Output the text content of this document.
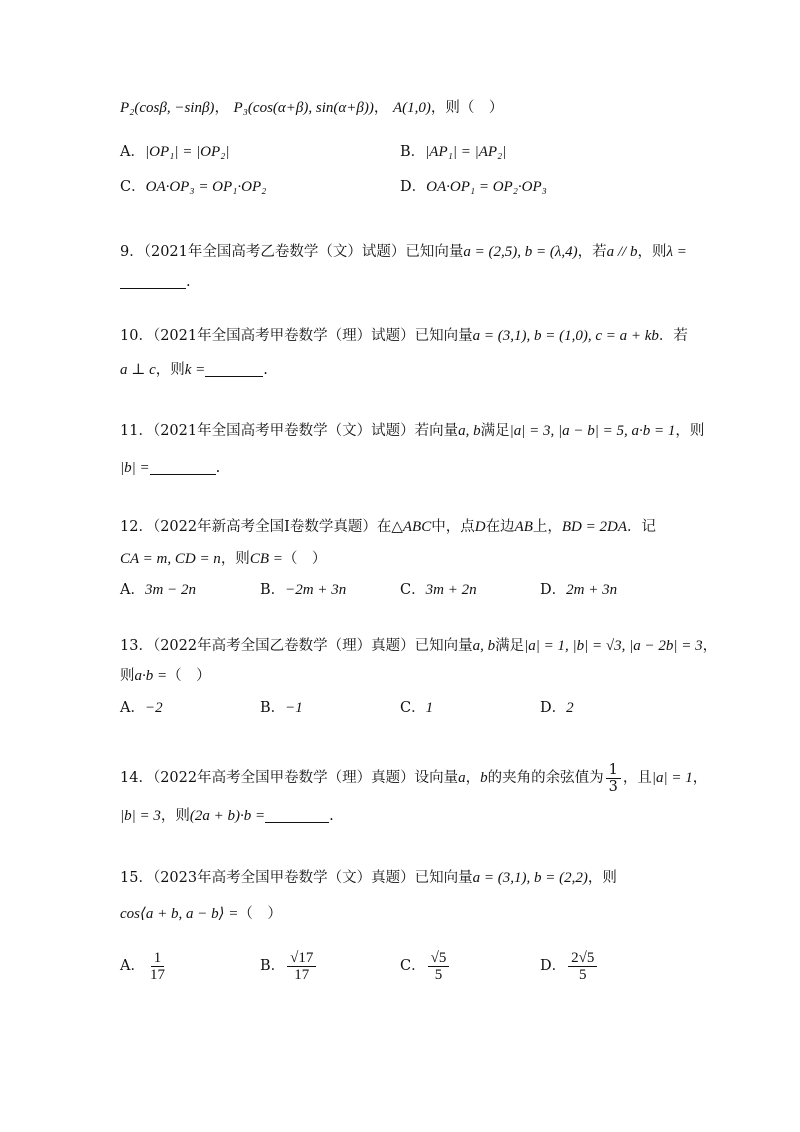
P₂(cosβ, −sinβ)， P₃(cos(α+β), sin(α+β))， A(1,0)，则（　）
A．|OP₁| = |OP₂|	B．|AP₁| = |AP₂|
C．OA·OP₃ = OP₁·OP₂	D．OA·OP₁ = OP₂·OP₃
9．（2021年全国高考乙卷数学（文）试题）已知向量a = (2,5), b = (λ,4)，若a // b，则λ =
.
10．（2021年全国高考甲卷数学（理）试题）已知向量a = (3,1), b = (1,0), c = a + kb．若
a ⊥ c，则k =	.
11．（2021年全国高考甲卷数学（文）试题）若向量a, b满足|a| = 3, |a − b| = 5, a·b = 1，则
|b| =	.
12．（2022年新高考全国I卷数学真题）在△ABC中，点D在边AB上，BD = 2DA．记
CA = m, CD = n，则CB =（　）
A．3m − 2n	B．−2m + 3n	C．3m + 2n	D．2m + 3n
13．（2022年高考全国乙卷数学（理）真题）已知向量a, b满足|a| = 1, |b| = √3, |a − 2b| = 3，
则a·b =（　）
A．−2	B．−1	C．1	D．2
14．（2022年高考全国甲卷数学（理）真题）设向量a，b的夹角的余弦值为 $\frac{1}{3}$ ，且|a| = 1，
|b| = 3，则(2a + b)·b =	.
15．（2023年高考全国甲卷数学（文）真题）已知向量a = (3,1), b = (2,2)，则
cos⟨a + b, a − b⟩ =（　）
A． $\frac{1}{17}$	B． $\frac{√17}{17}$	C． $\frac{√5}{5}$	D． $\frac{2√5}{5}$
